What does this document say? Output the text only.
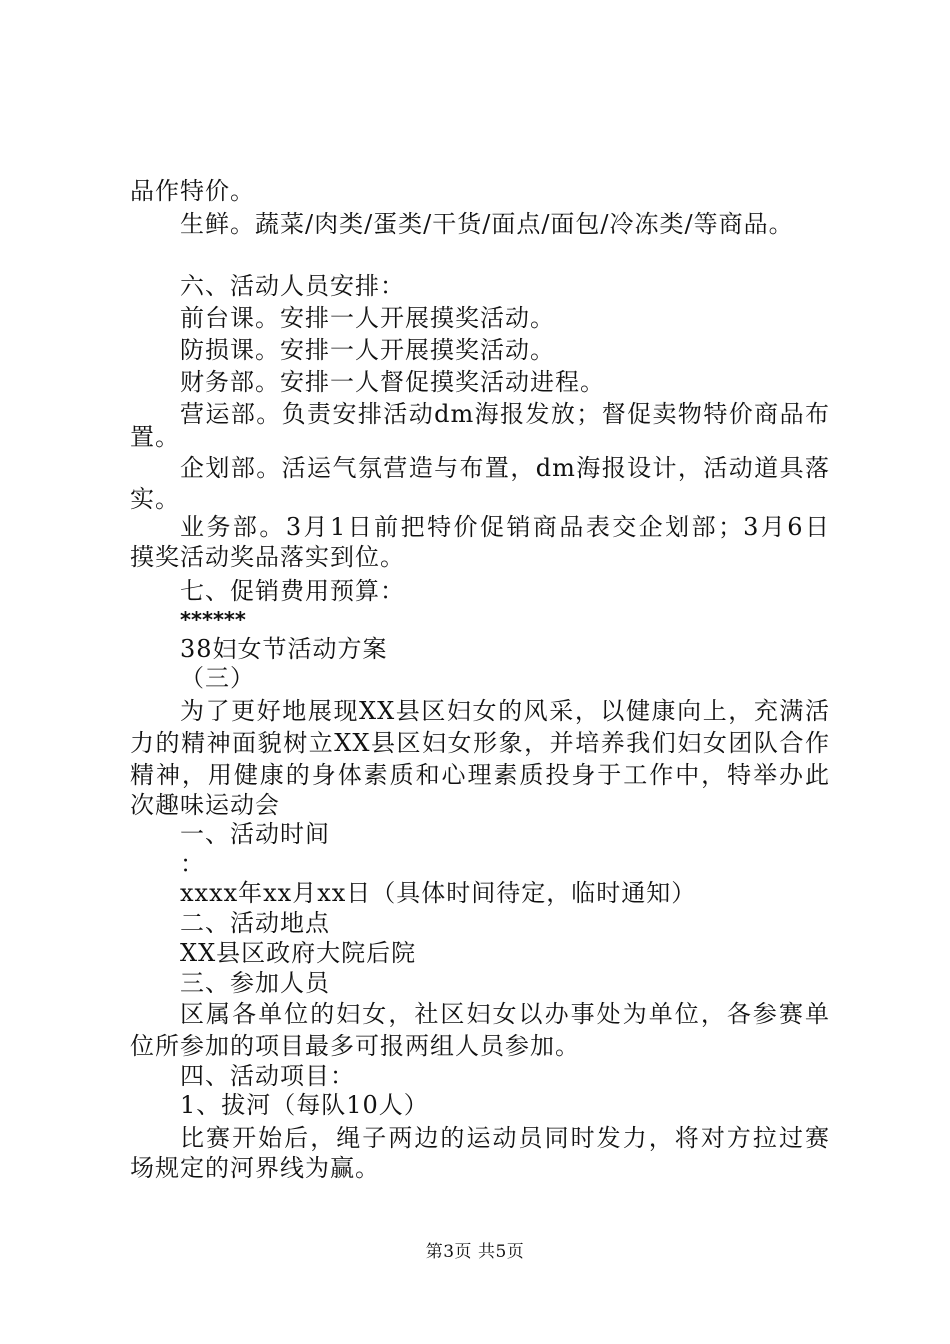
品作特价。

生鲜。蔬菜/肉类/蛋类/干货/面点/面包/冷冻类/等商品。

六、活动人员安排：

前台课。安排一人开展摸奖活动。

防损课。安排一人开展摸奖活动。

财务部。安排一人督促摸奖活动进程。

营运部。负责安排活动dm海报发放；督促卖物特价商品布

置。

企划部。活运气氛营造与布置，dm海报设计，活动道具落

实。

业务部。3月1日前把特价促销商品表交企划部；3月6日

摸奖活动奖品落实到位。

七、促销费用预算：

******

38妇女节活动方案

（三）

为了更好地展现XX县区妇女的风采，以健康向上，充满活

力的精神面貌树立XX县区妇女形象，并培养我们妇女团队合作

精神，用健康的身体素质和心理素质投身于工作中，特举办此

次趣味运动会

一、活动时间

：

xxxx年xx月xx日（具体时间待定，临时通知）

二、活动地点

XX县区政府大院后院

三、参加人员

区属各单位的妇女，社区妇女以办事处为单位，各参赛单

位所参加的项目最多可报两组人员参加。

四、活动项目：

1、拔河（每队10人）

比赛开始后，绳子两边的运动员同时发力，将对方拉过赛

场规定的河界线为赢。

第3页 共5页
